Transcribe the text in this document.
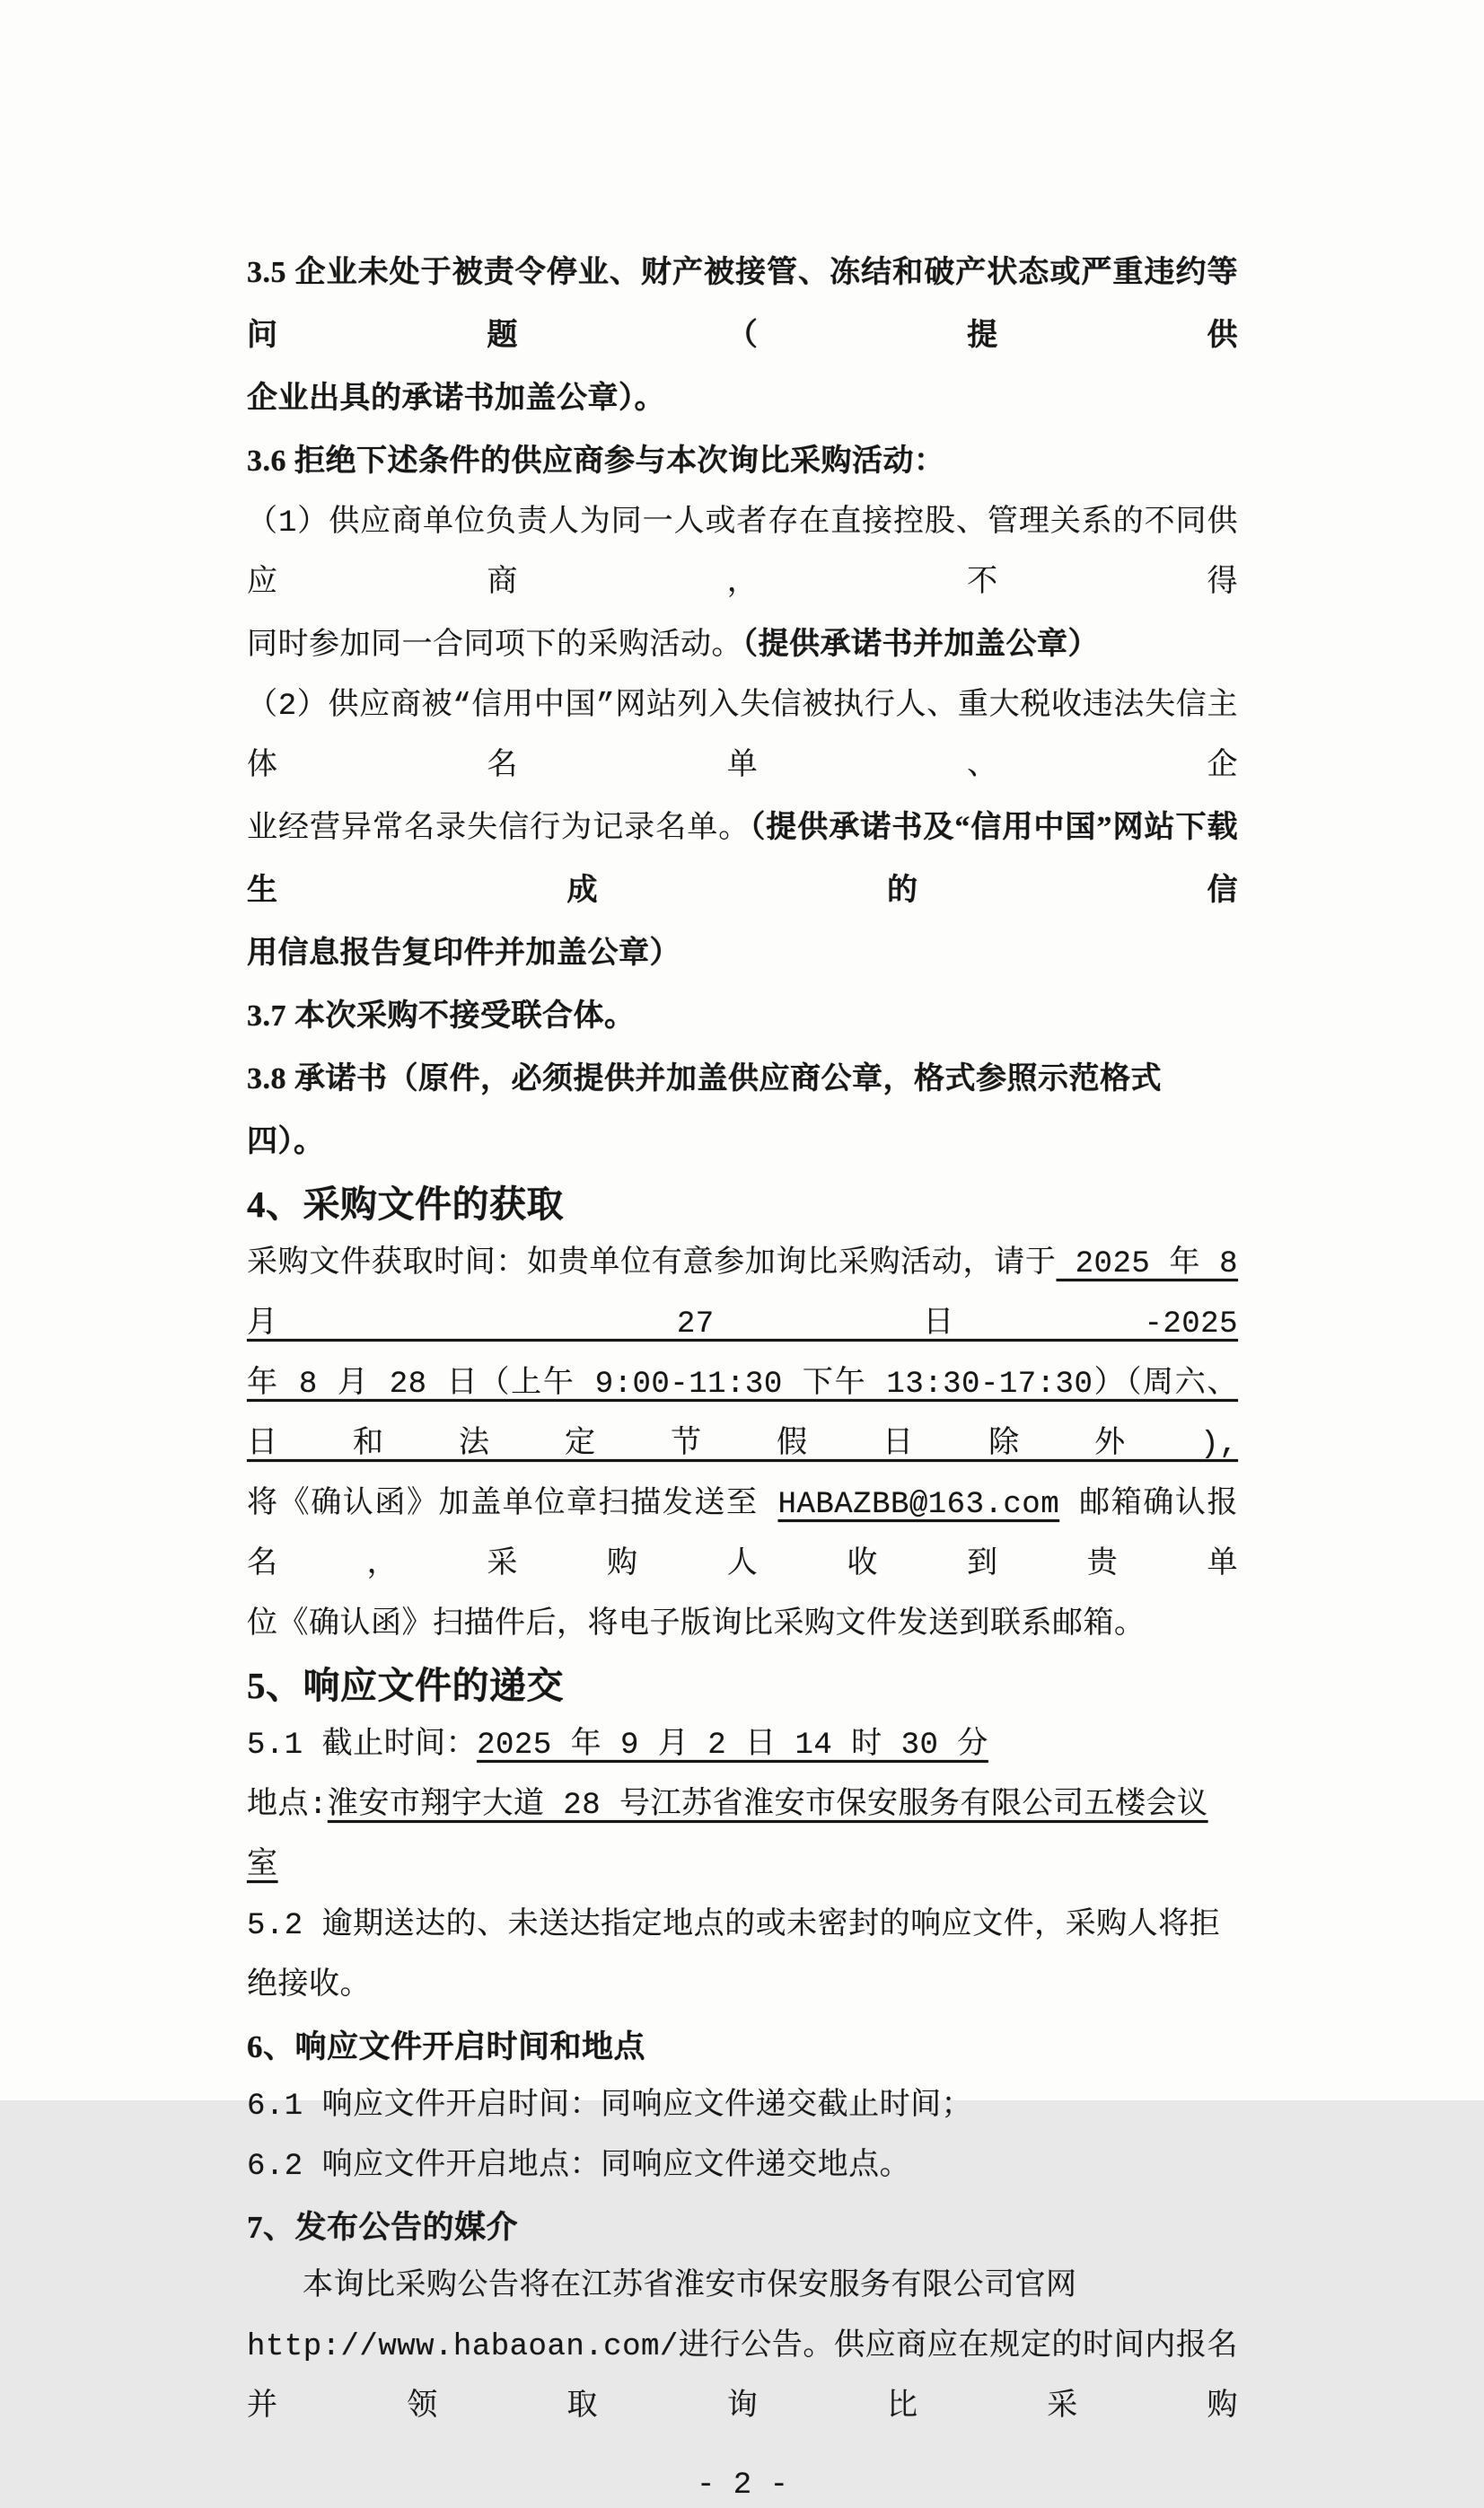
3.5 企业未处于被责令停业、财产被接管、冻结和破产状态或严重违约等问题（提供
企业出具的承诺书加盖公章）。
3.6 拒绝下述条件的供应商参与本次询比采购活动：
（1）供应商单位负责人为同一人或者存在直接控股、管理关系的不同供应商，不得
同时参加同一合同项下的采购活动。（提供承诺书并加盖公章）
（2）供应商被“信用中国”网站列入失信被执行人、重大税收违法失信主体名单、企
业经营异常名录失信行为记录名单。（提供承诺书及“信用中国”网站下载生成的信
用信息报告复印件并加盖公章）
3.7 本次采购不接受联合体。
3.8 承诺书（原件，必须提供并加盖供应商公章，格式参照示范格式四）。
4、采购文件的获取
采购文件获取时间：如贵单位有意参加询比采购活动，请于 2025 年 8 月 27 日-2025
年 8 月 28 日（上午 9:00-11:30 下午 13:30-17:30）（周六、日和法定节假日除外),
将《确认函》加盖单位章扫描发送至 HABAZBB@163.com 邮箱确认报名，采购人收到贵单
位《确认函》扫描件后，将电子版询比采购文件发送到联系邮箱。
5、响应文件的递交
5.1 截止时间：2025 年 9 月 2 日 14 时 30 分
地点:淮安市翔宇大道 28 号江苏省淮安市保安服务有限公司五楼会议室
5.2 逾期送达的、未送达指定地点的或未密封的响应文件，采购人将拒绝接收。
6、响应文件开启时间和地点
6.1 响应文件开启时间：同响应文件递交截止时间；
6.2 响应文件开启地点：同响应文件递交地点。
7、发布公告的媒介
本询比采购公告将在江苏省淮安市保安服务有限公司官网
http://www.habaoan.com/进行公告。供应商应在规定的时间内报名并领取询比采购
- 2 -
